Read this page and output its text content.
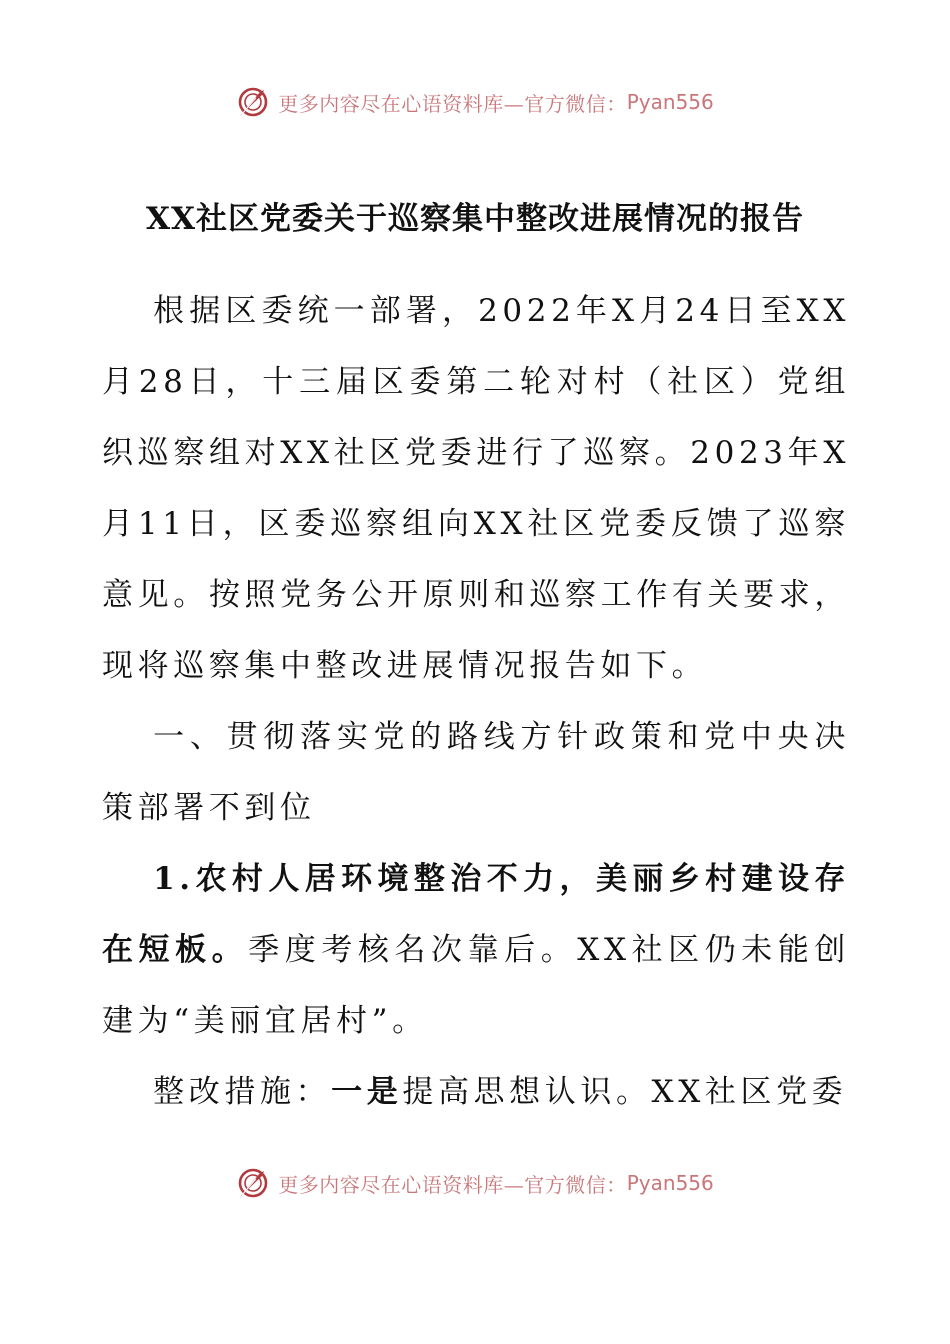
更多内容尽在心语资料库—官方微信： Pyan556
XX社区党委关于巡察集中整改进展情况的报告

根据区委统一部署，2022年X月24日至XX月28日，十三届区委第二轮对村（社区）党组织巡察组对XX社区党委进行了巡察。2023年X月11日，区委巡察组向XX社区党委反馈了巡察意见。按照党务公开原则和巡察工作有关要求，现将巡察集中整改进展情况报告如下。

一、贯彻落实党的路线方针政策和党中央决策部署不到位

1.农村人居环境整治不力，美丽乡村建设存在短板。季度考核名次靠后。XX社区仍未能创建为“美丽宜居村”。

整改措施：一是提高思想认识。XX社区党委

更多内容尽在心语资料库—官方微信： Pyan556
